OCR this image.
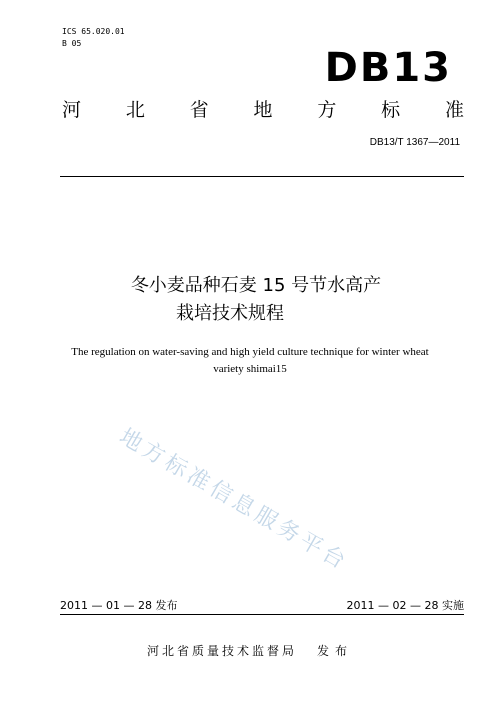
ICS 65.020.01
B 05
DB13
河 北 省 地 方 标 准
DB13/T 1367—2011
冬小麦品种石麦 15 号节水高产
栽培技术规程
The regulation on water-saving and high yield culture technique for winter wheat
variety shimai15
地方标准信息服务平台
2011 — 01 — 28 发布	2011 — 02 — 28 实施
河北省质量技术监督局 发布
